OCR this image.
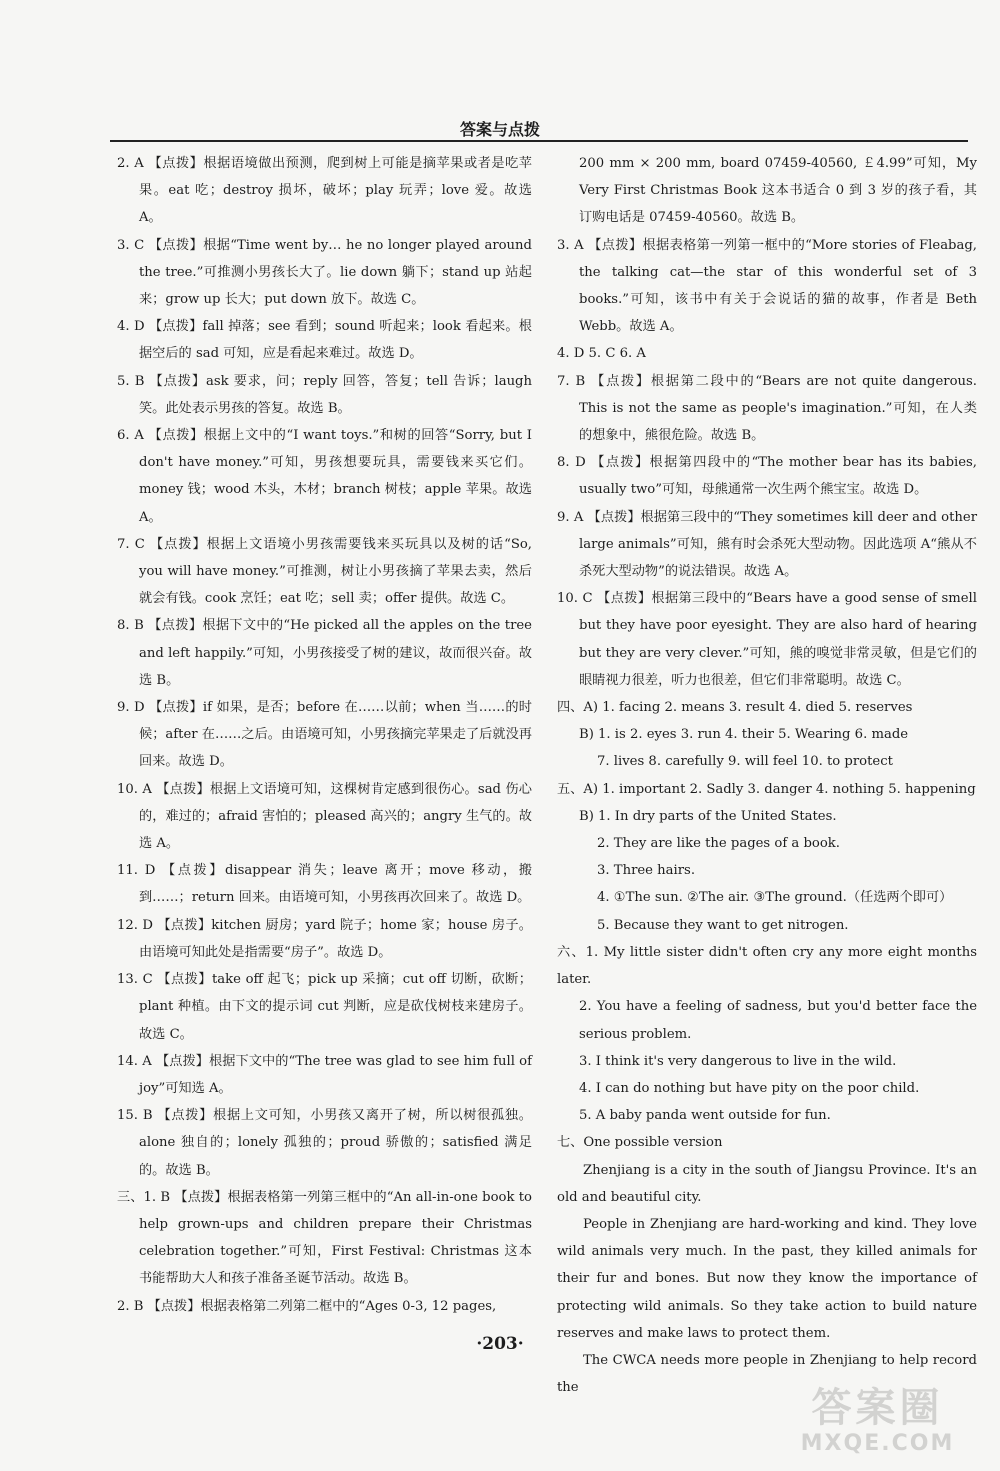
答案与点拨

2. A 【点拨】根据语境做出预测，爬到树上可能是摘苹果或者是吃苹果。eat 吃；destroy 损坏，破坏；play 玩弄；love 爱。故选 A。

3. C 【点拨】根据“Time went by… he no longer played around the tree.”可推测小男孩长大了。lie down 躺下；stand up 站起来；grow up 长大；put down 放下。故选 C。

4. D 【点拨】fall 掉落；see 看到；sound 听起来；look 看起来。根据空后的 sad 可知，应是看起来难过。故选 D。

5. B 【点拨】ask 要求，问；reply 回答，答复；tell 告诉；laugh 笑。此处表示男孩的答复。故选 B。

6. A 【点拨】根据上文中的“I want toys.”和树的回答“Sorry, but I don't have money.”可知，男孩想要玩具，需要钱来买它们。money 钱；wood 木头，木材；branch 树枝；apple 苹果。故选 A。

7. C 【点拨】根据上文语境小男孩需要钱来买玩具以及树的话“So, you will have money.”可推测，树让小男孩摘了苹果去卖，然后就会有钱。cook 烹饪；eat 吃；sell 卖；offer 提供。故选 C。

8. B 【点拨】根据下文中的“He picked all the apples on the tree and left happily.”可知，小男孩接受了树的建议，故而很兴奋。故选 B。

9. D 【点拨】if 如果，是否；before 在……以前；when 当……的时候；after 在……之后。由语境可知，小男孩摘完苹果走了后就没再回来。故选 D。

10. A 【点拨】根据上文语境可知，这棵树肯定感到很伤心。sad 伤心的，难过的；afraid 害怕的；pleased 高兴的；angry 生气的。故选 A。

11. D 【点拨】disappear 消失；leave 离开；move 移动，搬到……；return 回来。由语境可知，小男孩再次回来了。故选 D。

12. D 【点拨】kitchen 厨房；yard 院子；home 家；house 房子。由语境可知此处是指需要“房子”。故选 D。

13. C 【点拨】take off 起飞；pick up 采摘；cut off 切断，砍断；plant 种植。由下文的提示词 cut 判断，应是砍伐树枝来建房子。故选 C。

14. A 【点拨】根据下文中的“The tree was glad to see him full of joy”可知选 A。

15. B 【点拨】根据上文可知，小男孩又离开了树，所以树很孤独。alone 独自的；lonely 孤独的；proud 骄傲的；satisfied 满足的。故选 B。

三、1. B 【点拨】根据表格第一列第三框中的“An all-in-one book to help grown-ups and children prepare their Christmas celebration together.”可知，First Festival: Christmas 这本书能帮助大人和孩子准备圣诞节活动。故选 B。

2. B 【点拨】根据表格第二列第二框中的“Ages 0-3, 12 pages,

200 mm × 200 mm, board 07459-40560, ￡4.99”可知，My Very First Christmas Book 这本书适合 0 到 3 岁的孩子看，其订购电话是 07459-40560。故选 B。

3. A 【点拨】根据表格第一列第一框中的“More stories of Fleabag, the talking cat—the star of this wonderful set of 3 books.”可知，该书中有关于会说话的猫的故事，作者是 Beth Webb。故选 A。

4. D 5. C 6. A

7. B 【点拨】根据第二段中的“Bears are not quite dangerous. This is not the same as people's imagination.”可知，在人类的想象中，熊很危险。故选 B。

8. D 【点拨】根据第四段中的“The mother bear has its babies, usually two”可知，母熊通常一次生两个熊宝宝。故选 D。

9. A 【点拨】根据第三段中的“They sometimes kill deer and other large animals”可知，熊有时会杀死大型动物。因此选项 A“熊从不杀死大型动物”的说法错误。故选 A。

10. C 【点拨】根据第三段中的“Bears have a good sense of smell but they have poor eyesight. They are also hard of hearing but they are very clever.”可知，熊的嗅觉非常灵敏，但是它们的眼睛视力很差，听力也很差，但它们非常聪明。故选 C。

四、A) 1. facing 2. means 3. result 4. died 5. reserves

B) 1. is 2. eyes 3. run 4. their 5. Wearing 6. made

7. lives 8. carefully 9. will feel 10. to protect

五、A) 1. important 2. Sadly 3. danger 4. nothing 5. happening

B) 1. In dry parts of the United States.

2. They are like the pages of a book.

3. Three hairs.

4. ①The sun. ②The air. ③The ground.（任选两个即可）

5. Because they want to get nitrogen.

六、1. My little sister didn't often cry any more eight months later.

2. You have a feeling of sadness, but you'd better face the serious problem.

3. I think it's very dangerous to live in the wild.

4. I can do nothing but have pity on the poor child.

5. A baby panda went outside for fun.

七、One possible version

Zhenjiang is a city in the south of Jiangsu Province. It's an old and beautiful city.

People in Zhenjiang are hard-working and kind. They love wild animals very much. In the past, they killed animals for their fur and bones. But now they know the importance of protecting wild animals. So they take action to build nature reserves and make laws to protect them.

The CWCA needs more people in Zhenjiang to help record the

·203·
答案圈
MXQE.COM
